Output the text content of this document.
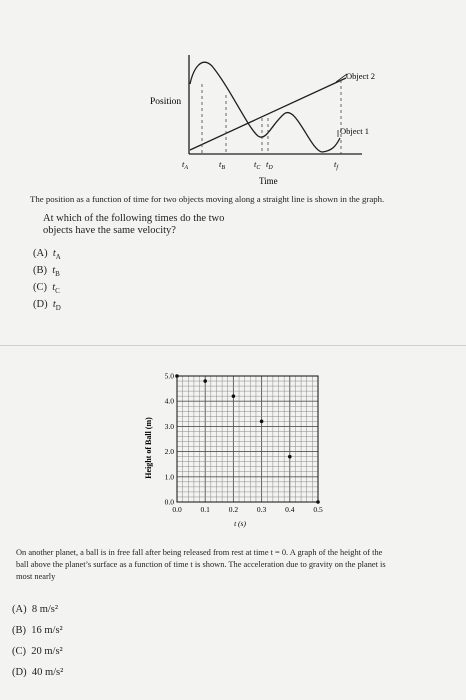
Object 2
Object 1
Position
Time
$t_A$	$t_B$	$t_C$ $t_D$	$t_f$
The position as a function of time for two objects moving along a straight line is shown in the graph.
At which of the following times do the two
objects have the same velocity?
(A) $t_A$
(B) $t_B$
(C) $t_C$
(D) $t_D$
0.0	0.1	0.2	0.3	0.4	0.5
0.0
1.0
2.0
3.0
4.0
5.0
Height of Ball (m)
t (s)
On another planet, a ball is in free fall after being released from rest at time t = 0. A graph of the height of the
ball above the planet’s surface as a function of time t is shown. The acceleration due to gravity on the planet is
most nearly
(A) 8 m/s²
(B) 16 m/s²
(C) 20 m/s²
(D) 40 m/s²
